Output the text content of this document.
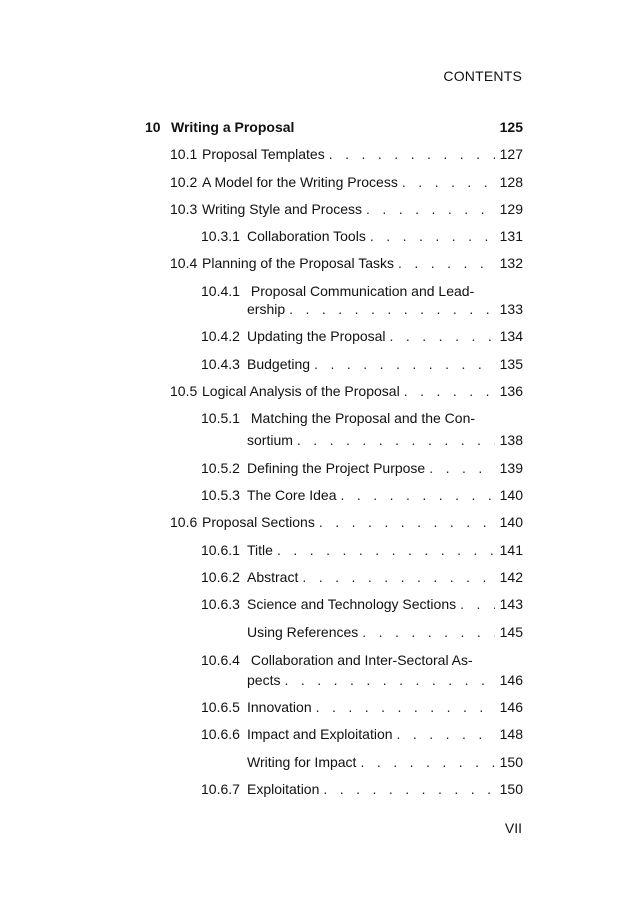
CONTENTS
10 Writing a Proposal	125
10.1 Proposal Templates . . .	127
10.2 A Model for the Writing Process . . .	128
10.3 Writing Style and Process . . .	129
10.3.1 Collaboration Tools . . .	131
10.4 Planning of the Proposal Tasks . . .	132
10.4.1 Proposal Communication and Lead-
ership . . .	133
10.4.2 Updating the Proposal . . .	134
10.4.3 Budgeting . . .	135
10.5 Logical Analysis of the Proposal . . .	136
10.5.1 Matching the Proposal and the Con-
sortium . . .	138
10.5.2 Defining the Project Purpose . . .	139
10.5.3 The Core Idea . . .	140
10.6 Proposal Sections . . .	140
10.6.1 Title . . .	141
10.6.2 Abstract . . .	142
10.6.3 Science and Technology Sections . . .	143
Using References . . .	145
10.6.4 Collaboration and Inter-Sectoral As-
pects . . .	146
10.6.5 Innovation . . .	146
10.6.6 Impact and Exploitation . . .	148
Writing for Impact . . .	150
10.6.7 Exploitation . . .	150
VII
